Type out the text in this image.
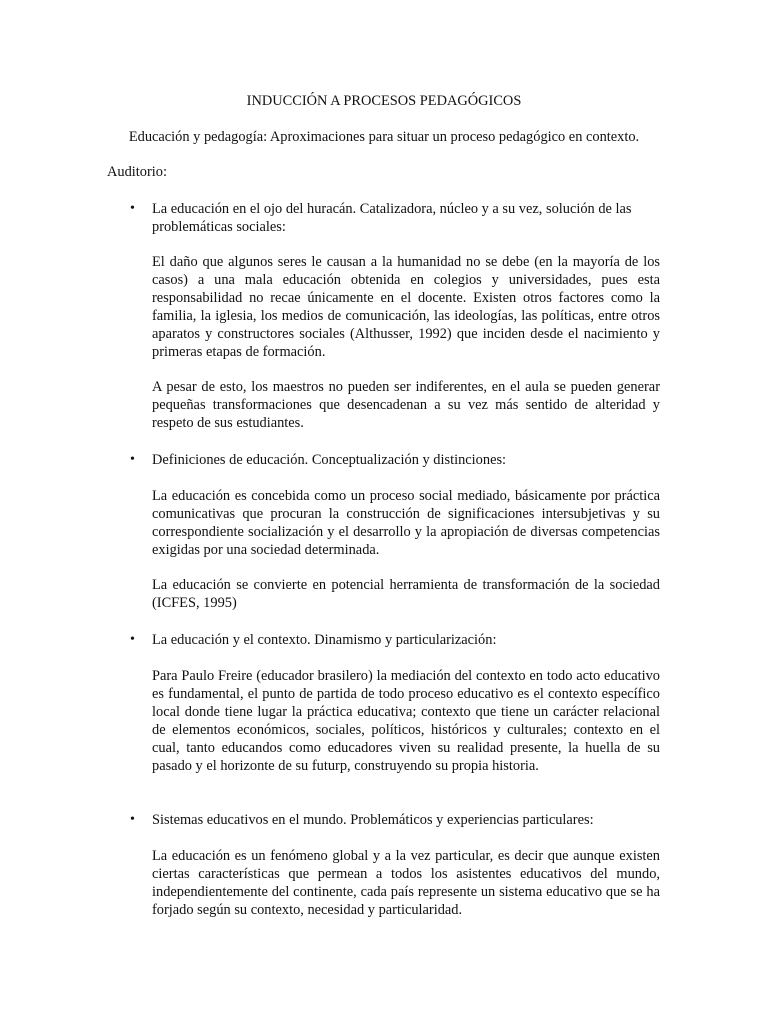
INDUCCIÓN A PROCESOS PEDAGÓGICOS
Educación y pedagogía: Aproximaciones para situar un proceso pedagógico en contexto.
Auditorio:
•	La educación en el ojo del huracán. Catalizadora, núcleo y a su vez, solución de las problemáticas sociales:
El daño que algunos seres le causan a la humanidad no se debe (en la mayoría de los casos) a una mala educación obtenida en colegios y universidades, pues esta responsabilidad no recae únicamente en el docente. Existen otros factores como la familia, la iglesia, los medios de comunicación, las ideologías, las políticas, entre otros aparatos y constructores sociales (Althusser, 1992) que inciden desde el nacimiento y primeras etapas de formación.
A pesar de esto, los maestros no pueden ser indiferentes, en el aula se pueden generar pequeñas transformaciones que desencadenan a su vez más sentido de alteridad y respeto de sus estudiantes.
•	Definiciones de educación. Conceptualización y distinciones:
La educación es concebida como un proceso social mediado, básicamente por práctica comunicativas que procuran la construcción de significaciones intersubjetivas y su correspondiente socialización y el desarrollo y la apropiación de diversas competencias exigidas por una sociedad determinada.
La educación se convierte en potencial herramienta de transformación de la sociedad (ICFES, 1995)
•	La educación y el contexto. Dinamismo y particularización:
Para Paulo Freire (educador brasilero) la mediación del contexto en todo acto educativo es fundamental, el punto de partida de todo proceso educativo es el contexto específico local donde tiene lugar la práctica educativa; contexto que tiene un carácter relacional de elementos económicos, sociales, políticos, históricos y culturales; contexto en el cual, tanto educandos como educadores viven su realidad presente, la huella de su pasado y el horizonte de su futurp, construyendo su propia historia.
•	Sistemas educativos en el mundo. Problemáticos y experiencias particulares:
La educación es un fenómeno global y a la vez particular, es decir que aunque existen ciertas características que permean a todos los asistentes educativos del mundo, independientemente del continente, cada país represente un sistema educativo que se ha forjado según su contexto, necesidad y particularidad.
